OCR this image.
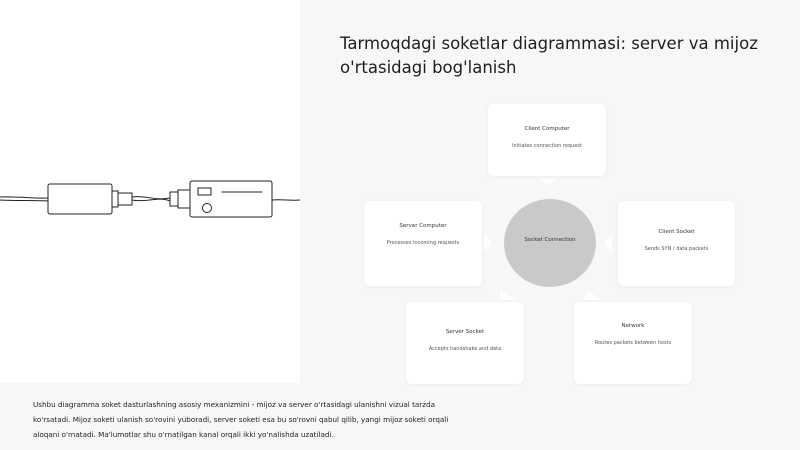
Tarmoqdagi soketlar diagrammasi: server va mijoz o'rtasidagi bog'lanish
Client Computer
Initiates connection request
Client Socket
Sends SYN / data packets
Network
Routes packets between hosts
Server Socket
Accepts handshake and data
Server Computer
Processes incoming requests	Socket Connection
Ushbu diagramma soket dasturlashning asosiy mexanizmini - mijoz va server o'rtasidagi ulanishni vizual tarzda ko'rsatadi. Mijoz soketi ulanish so'rovini yuboradi, server soketi esa bu so'rovni qabul qilib, yangi mijoz soketi orqali aloqani o'rnatadi. Ma'lumotlar shu o'rnatilgan kanal orqali ikki yo'nalishda uzatiladi.
